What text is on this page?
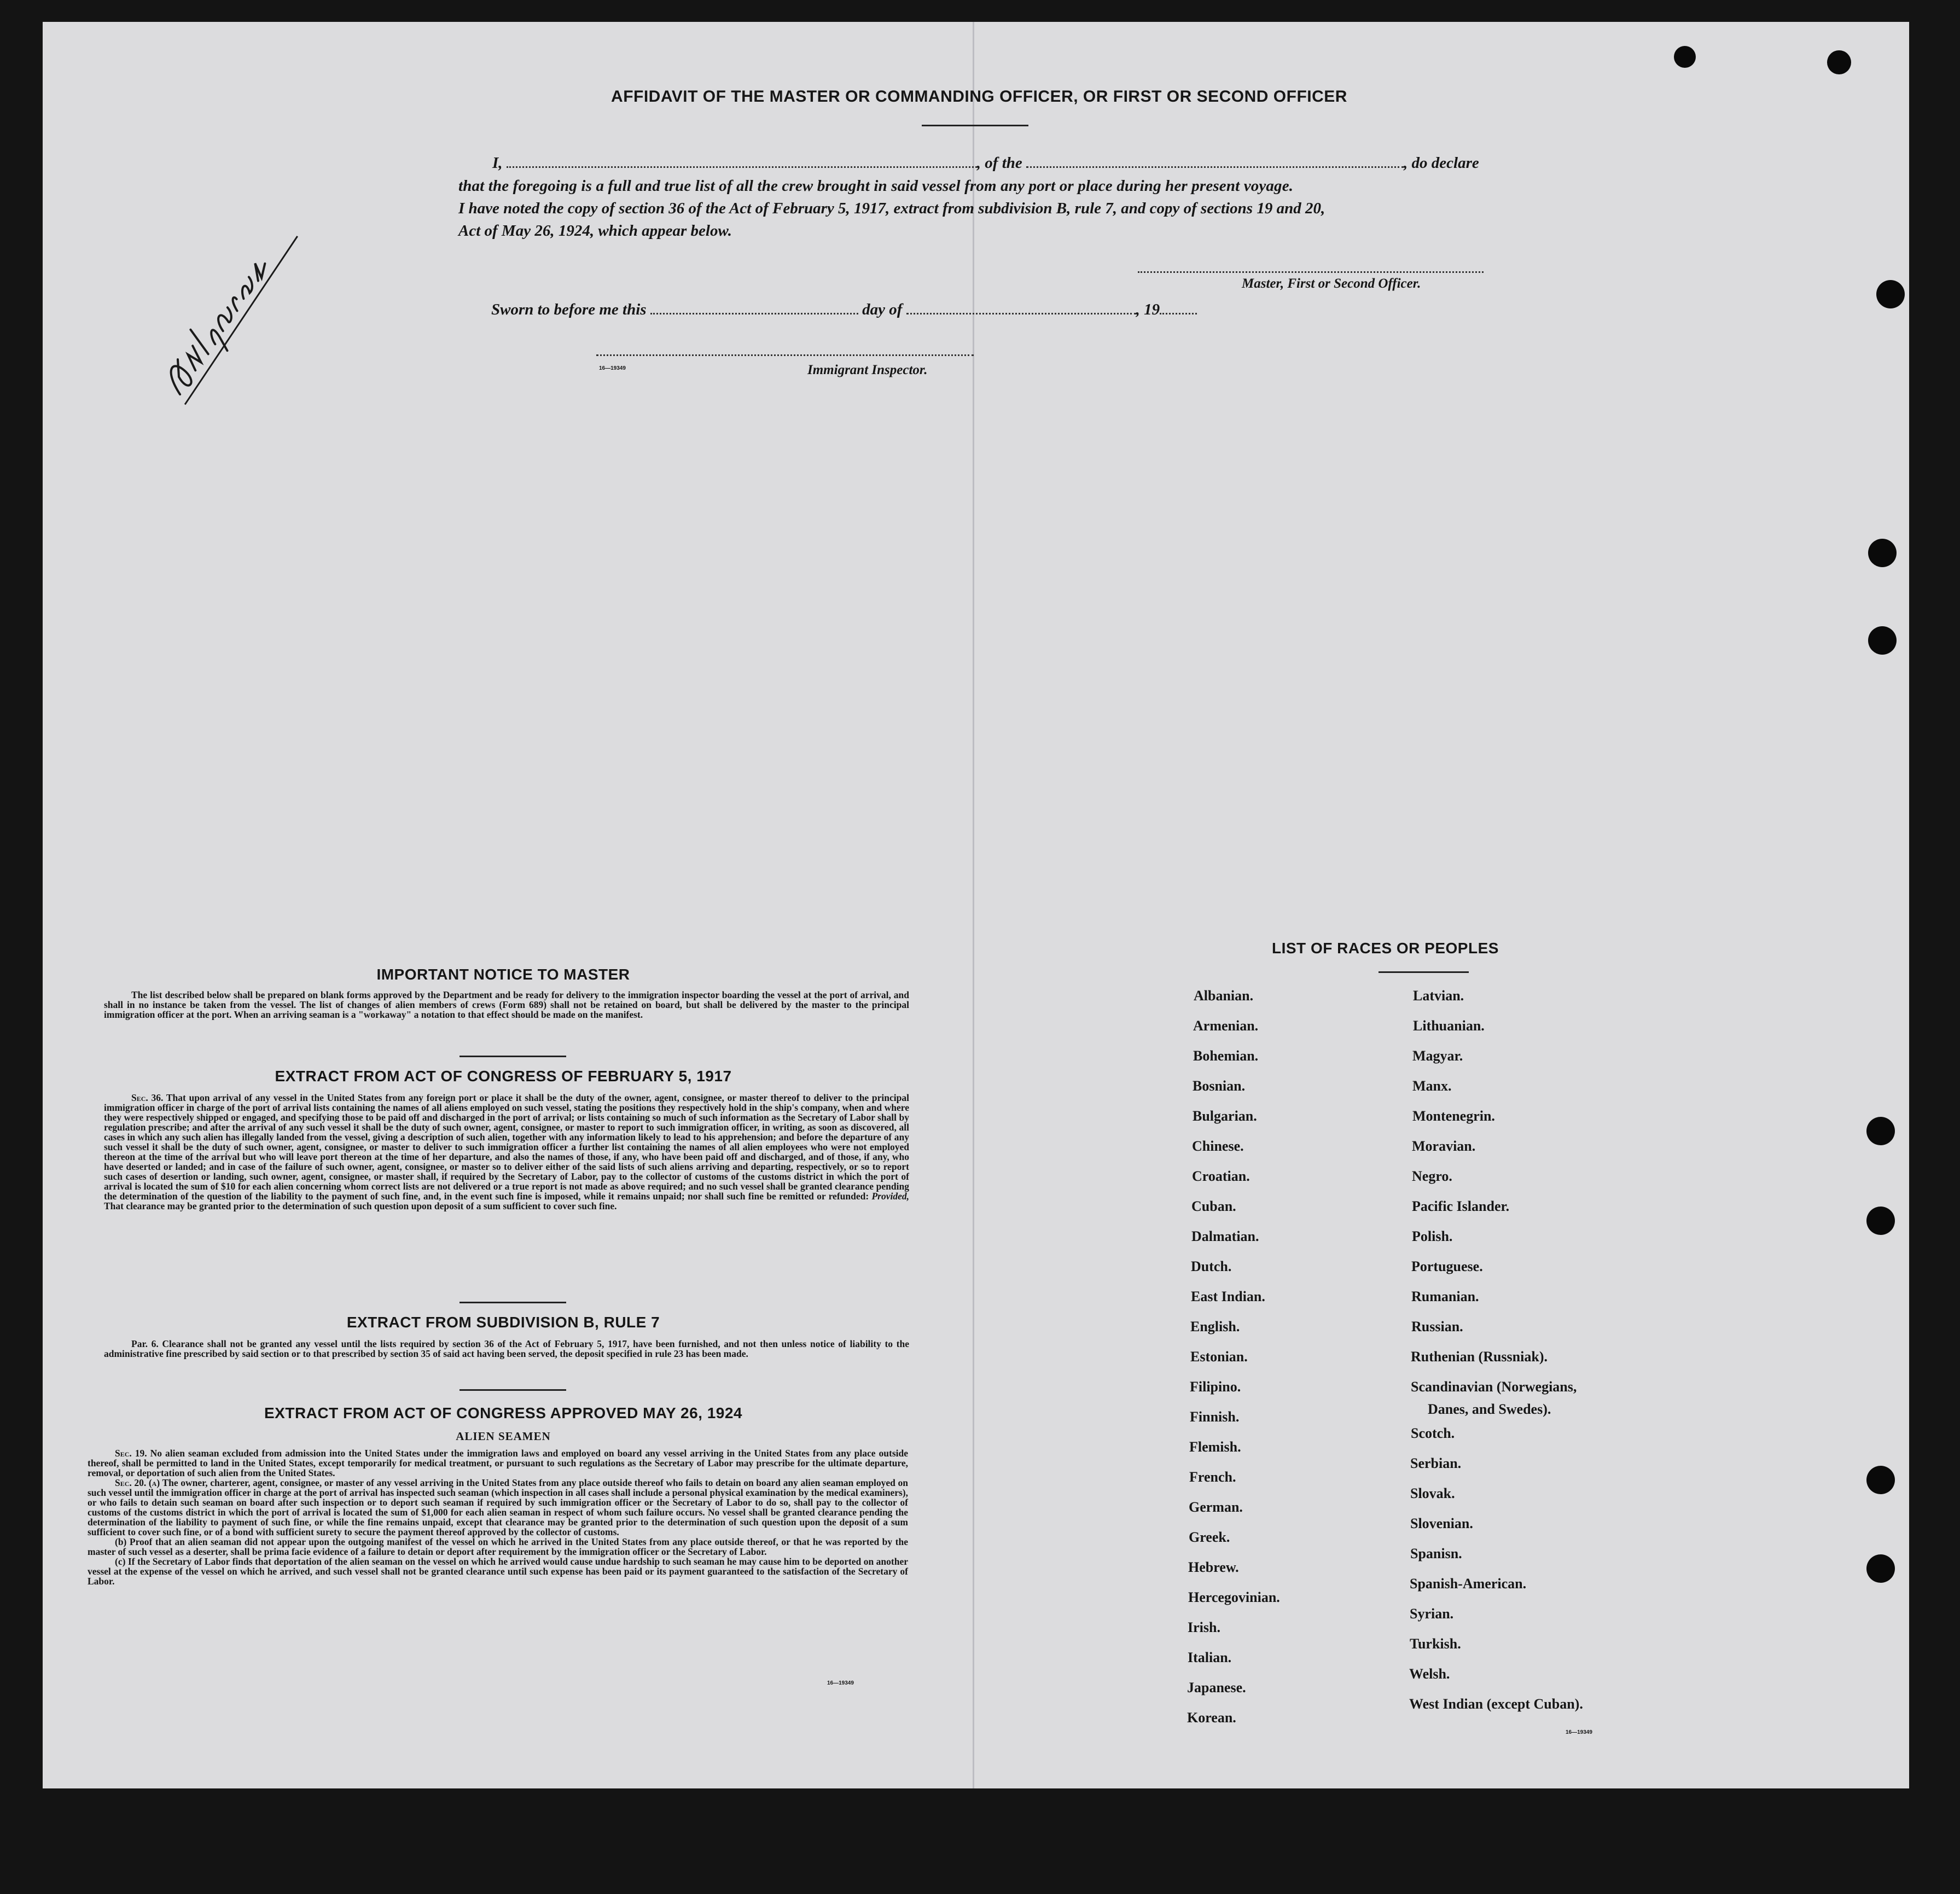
AFFIDAVIT OF THE MASTER OR COMMANDING OFFICER, OR FIRST OR SECOND OFFICER
I,	, of the	, do declare
that the foregoing is a full and true list of all the crew brought in said vessel from any port or place during her present voyage.
I have noted the copy of section 36 of the Act of February 5, 1917, extract from subdivision B, rule 7, and copy of sections 19 and 20,
Act of May 26, 1924, which appear below.
Master, First or Second Officer.
Sworn to before me this	day of	, 19
16—19349	Immigrant Inspector.
IMPORTANT NOTICE TO MASTER

The list described below shall be prepared on blank forms approved by the Department and be ready for delivery to the immigration inspector boarding the vessel at the port of arrival, and shall in no instance be taken from the vessel. The list of changes of alien members of crews (Form 689) shall not be retained on board, but shall be delivered by the master to the principal immigration officer at the port. When an arriving seaman is a "workaway" a notation to that effect should be made on the manifest.

EXTRACT FROM ACT OF CONGRESS OF FEBRUARY 5, 1917

Sec. 36. That upon arrival of any vessel in the United States from any foreign port or place it shall be the duty of the owner, agent, consignee, or master thereof to deliver to the principal immigration officer in charge of the port of arrival lists containing the names of all aliens employed on such vessel, stating the positions they respectively hold in the ship's company, when and where they were respectively shipped or engaged, and specifying those to be paid off and discharged in the port of arrival; or lists containing so much of such information as the Secretary of Labor shall by regulation prescribe; and after the arrival of any such vessel it shall be the duty of such owner, agent, consignee, or master to report to such immigration officer, in writing, as soon as discovered, all cases in which any such alien has illegally landed from the vessel, giving a description of such alien, together with any information likely to lead to his apprehension; and before the departure of any such vessel it shall be the duty of such owner, agent, consignee, or master to deliver to such immigration officer a further list containing the names of all alien employees who were not employed thereon at the time of the arrival but who will leave port thereon at the time of her departure, and also the names of those, if any, who have been paid off and discharged, and of those, if any, who have deserted or landed; and in case of the failure of such owner, agent, consignee, or master so to deliver either of the said lists of such aliens arriving and departing, respectively, or so to report such cases of desertion or landing, such owner, agent, consignee, or master shall, if required by the Secretary of Labor, pay to the collector of customs of the customs district in which the port of arrival is located the sum of $10 for each alien concerning whom correct lists are not delivered or a true report is not made as above required; and no such vessel shall be granted clearance pending the determination of the question of the liability to the payment of such fine, and, in the event such fine is imposed, while it remains unpaid; nor shall such fine be remitted or refunded: Provided, That clearance may be granted prior to the determination of such question upon deposit of a sum sufficient to cover such fine.

EXTRACT FROM SUBDIVISION B, RULE 7

Par. 6. Clearance shall not be granted any vessel until the lists required by section 36 of the Act of February 5, 1917, have been furnished, and not then unless notice of liability to the administrative fine prescribed by said section or to that prescribed by section 35 of said act having been served, the deposit specified in rule 23 has been made.

EXTRACT FROM ACT OF CONGRESS APPROVED MAY 26, 1924
ALIEN SEAMEN

Sec. 19. No alien seaman excluded from admission into the United States under the immigration laws and employed on board any vessel arriving in the United States from any place outside thereof, shall be permitted to land in the United States, except temporarily for medical treatment, or pursuant to such regulations as the Secretary of Labor may prescribe for the ultimate departure, removal, or deportation of such alien from the United States.

Sec. 20. (a) The owner, charterer, agent, consignee, or master of any vessel arriving in the United States from any place outside thereof who fails to detain on board any alien seaman employed on such vessel until the immigration officer in charge at the port of arrival has inspected such seaman (which inspection in all cases shall include a personal physical examination by the medical examiners), or who fails to detain such seaman on board after such inspection or to deport such seaman if required by such immigration officer or the Secretary of Labor to do so, shall pay to the collector of customs of the customs district in which the port of arrival is located the sum of $1,000 for each alien seaman in respect of whom such failure occurs. No vessel shall be granted clearance pending the determination of the liability to payment of such fine, or while the fine remains unpaid, except that clearance may be granted prior to the determination of such question upon the deposit of a sum sufficient to cover such fine, or of a bond with sufficient surety to secure the payment thereof approved by the collector of customs.

(b) Proof that an alien seaman did not appear upon the outgoing manifest of the vessel on which he arrived in the United States from any place outside thereof, or that he was reported by the master of such vessel as a deserter, shall be prima facie evidence of a failure to detain or deport after requirement by the immigration officer or the Secretary of Labor.

(c) If the Secretary of Labor finds that deportation of the alien seaman on the vessel on which he arrived would cause undue hardship to such seaman he may cause him to be deported on another vessel at the expense of the vessel on which he arrived, and such vessel shall not be granted clearance until such expense has been paid or its payment guaranteed to the satisfaction of the Secretary of Labor.

16—19349
LIST OF RACES OR PEOPLES
Albanian.
Armenian.
Bohemian.
Bosnian.
Bulgarian.
Chinese.
Croatian.
Cuban.
Dalmatian.
Dutch.
East Indian.
English.
Estonian.
Filipino.
Finnish.
Flemish.
French.
German.
Greek.
Hebrew.
Hercegovinian.
Irish.
Italian.
Japanese.
Korean.
Latvian.
Lithuanian.
Magyar.
Manx.
Montenegrin.
Moravian.
Negro.
Pacific Islander.
Polish.
Portuguese.
Rumanian.
Russian.
Ruthenian (Russniak).
Scandinavian (Norwegians,
Scotch.
Serbian.
Slovak.
Slovenian.
Spanisn.
Spanish-American.
Syrian.
Turkish.
Welsh.
West Indian (except Cuban).
Danes, and Swedes).
16—19349
